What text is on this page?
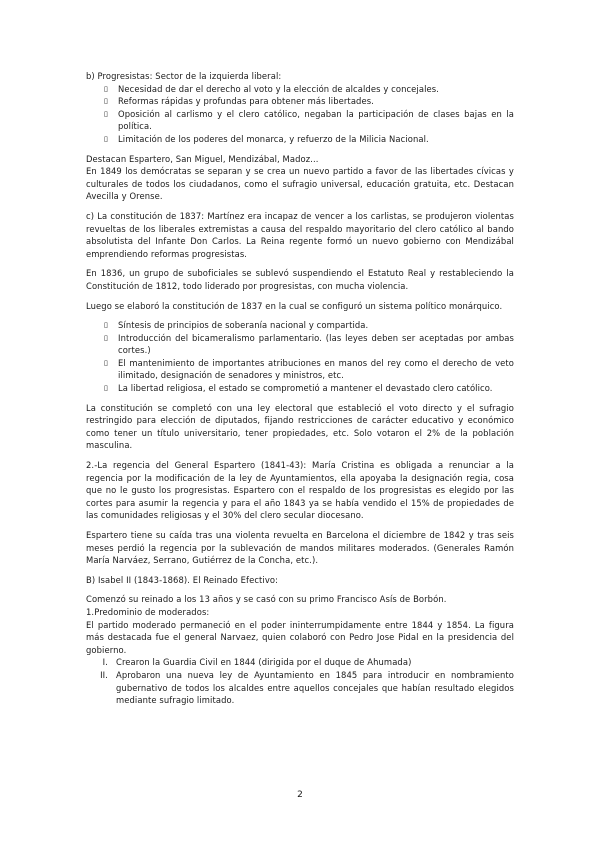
b) Progresistas: Sector de la izquierda liberal:

▯ Necesidad de dar el derecho al voto y la elección de alcaldes y concejales.
▯ Reformas rápidas y profundas para obtener más libertades.
▯ Oposición al carlismo y el clero católico, negaban la participación de clases bajas en la política.
▯ Limitación de los poderes del monarca, y refuerzo de la Milicia Nacional.

Destacan Espartero, San Miguel, Mendizábal, Madoz...

En 1849 los demócratas se separan y se crea un nuevo partido a favor de las libertades cívicas y culturales de todos los ciudadanos, como el sufragio universal, educación gratuita, etc. Destacan Avecilla y Orense.

c) La constitución de 1837: Martínez era incapaz de vencer a los carlistas, se produjeron violentas revueltas de los liberales extremistas a causa del respaldo mayoritario del clero católico al bando absolutista del Infante Don Carlos. La Reina regente formó un nuevo gobierno con Mendizábal emprendiendo reformas progresistas.

En 1836, un grupo de suboficiales se sublevó suspendiendo el Estatuto Real y restableciendo la Constitución de 1812, todo liderado por progresistas, con mucha violencia.

Luego se elaboró la constitución de 1837 en la cual se configuró un sistema político monárquico.

▯ Síntesis de principios de soberanía nacional y compartida.
▯ Introducción del bicameralismo parlamentario. (las leyes deben ser aceptadas por ambas cortes.)
▯ El mantenimiento de importantes atribuciones en manos del rey como el derecho de veto ilimitado, designación de senadores y ministros, etc.
▯ La libertad religiosa, el estado se comprometió a mantener el devastado clero católico.

La constitución se completó con una ley electoral que estableció el voto directo y el sufragio restringido para elección de diputados, fijando restricciones de carácter educativo y económico como tener un título universitario, tener propiedades, etc. Solo votaron el 2% de la población masculina.

2.-La regencia del General Espartero (1841-43): María Cristina es obligada a renunciar a la regencia por la modificación de la ley de Ayuntamientos, ella apoyaba la designación regia, cosa que no le gusto los progresistas. Espartero con el respaldo de los progresistas es elegido por las cortes para asumir la regencia y para el año 1843 ya se había vendido el 15% de propiedades de las comunidades religiosas y el 30% del clero secular diocesano.

Espartero tiene su caída tras una violenta revuelta en Barcelona el diciembre de 1842 y tras seis meses perdió la regencia por la sublevación de mandos militares moderados. (Generales Ramón María Narváez, Serrano, Gutiérrez de la Concha, etc.).

B) Isabel II (1843-1868). El Reinado Efectivo:

Comenzó su reinado a los 13 años y se casó con su primo Francisco Asís de Borbón.

1.Predominio de moderados:

El partido moderado permaneció en el poder ininterrumpidamente entre 1844 y 1854. La figura más destacada fue el general Narvaez, quien colaboró con Pedro Jose Pidal en la presidencia del gobierno.

I. Crearon la Guardia Civil en 1844 (dirigida por el duque de Ahumada)
II. Aprobaron una nueva ley de Ayuntamiento en 1845 para introducir en nombramiento gubernativo de todos los alcaldes entre aquellos concejales que habían resultado elegidos mediante sufragio limitado.
2
